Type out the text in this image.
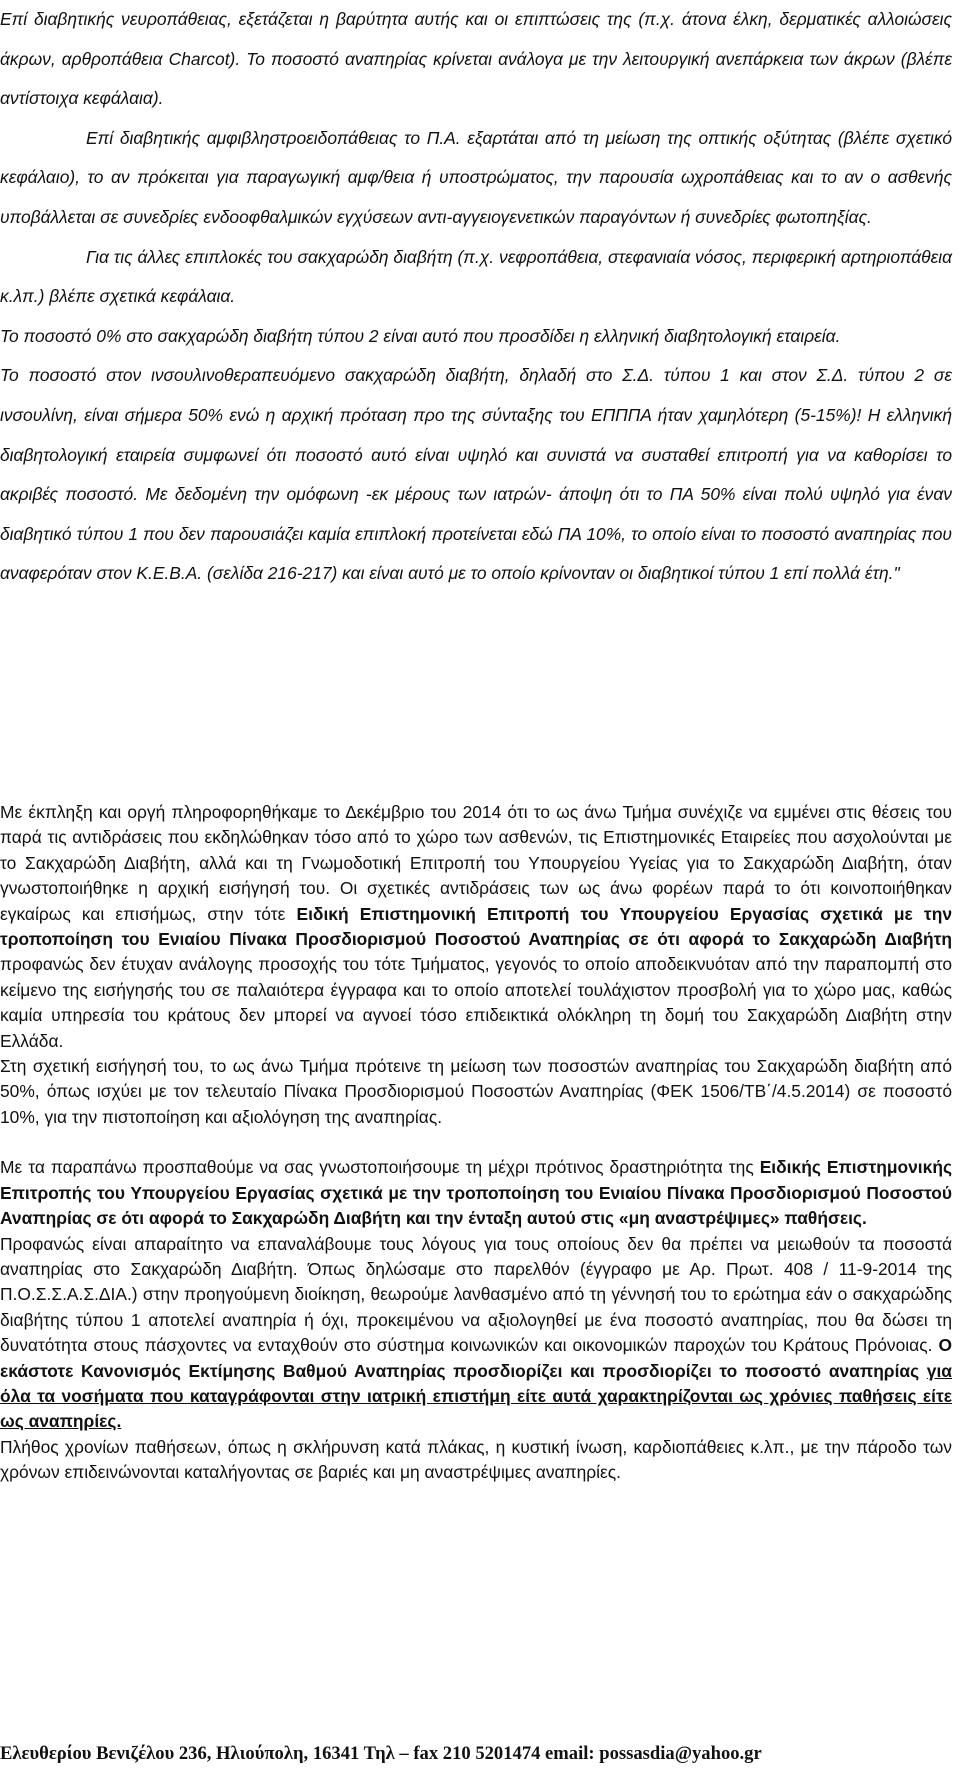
Επί διαβητικής νευροπάθειας, εξετάζεται η βαρύτητα αυτής και οι επιπτώσεις της (π.χ. άτονα έλκη, δερματικές αλλοιώσεις άκρων, αρθροπάθεια Charcot). Το ποσοστό αναπηρίας κρίνεται ανάλογα με την λειτουργική ανεπάρκεια των άκρων (βλέπε αντίστοιχα κεφάλαια).

Επί διαβητικής αμφιβληστροειδοπάθειας το Π.Α. εξαρτάται από τη μείωση της οπτικής οξύτητας (βλέπε σχετικό κεφάλαιο), το αν πρόκειται για παραγωγική αμφ/θεια ή υποστρώματος, την παρουσία ωχροπάθειας και το αν ο ασθενής υποβάλλεται σε συνεδρίες ενδοοφθαλμικών εγχύσεων αντι-αγγειογενετικών παραγόντων ή συνεδρίες φωτοπηξίας.

Για τις άλλες επιπλοκές του σακχαρώδη διαβήτη (π.χ. νεφροπάθεια, στεφανιαία νόσος, περιφερική αρτηριοπάθεια κ.λπ.) βλέπε σχετικά κεφάλαια.

Το ποσοστό 0% στο σακχαρώδη διαβήτη τύπου 2 είναι αυτό που προσδίδει η ελληνική διαβητολογική εταιρεία.

Το ποσοστό στον ινσουλινοθεραπευόμενο σακχαρώδη διαβήτη, δηλαδή στο Σ.Δ. τύπου 1 και στον Σ.Δ. τύπου 2 σε ινσουλίνη, είναι σήμερα 50% ενώ η αρχική πρόταση προ της σύνταξης του ΕΠΠΠΑ ήταν χαμηλότερη (5-15%)! Η ελληνική διαβητολογική εταιρεία συμφωνεί ότι ποσοστό αυτό είναι υψηλό και συνιστά να συσταθεί επιτροπή για να καθορίσει το ακριβές ποσοστό. Με δεδομένη την ομόφωνη -εκ μέρους των ιατρών- άποψη ότι το ΠΑ 50% είναι πολύ υψηλό για έναν διαβητικό τύπου 1 που δεν παρουσιάζει καμία επιπλοκή προτείνεται εδώ ΠΑ 10%, το οποίο είναι το ποσοστό αναπηρίας που αναφερόταν στον Κ.Ε.Β.Α. (σελίδα 216-217) και είναι αυτό με το οποίο κρίνονταν οι διαβητικοί τύπου 1 επί πολλά έτη."

Με έκπληξη και οργή πληροφορηθήκαμε το Δεκέμβριο του 2014 ότι το ως άνω Τμήμα συνέχιζε να εμμένει στις θέσεις του παρά τις αντιδράσεις που εκδηλώθηκαν τόσο από το χώρο των ασθενών, τις Επιστημονικές Εταιρείες που ασχολούνται με το Σακχαρώδη Διαβήτη, αλλά και τη Γνωμοδοτική Επιτροπή του Υπουργείου Υγείας για το Σακχαρώδη Διαβήτη, όταν γνωστοποιήθηκε η αρχική εισήγησή του. Οι σχετικές αντιδράσεις των ως άνω φορέων παρά το ότι κοινοποιήθηκαν εγκαίρως και επισήμως, στην τότε Ειδική Επιστημονική Επιτροπή του Υπουργείου Εργασίας σχετικά με την τροποποίηση του Ενιαίου Πίνακα Προσδιορισμού Ποσοστού Αναπηρίας σε ότι αφορά το Σακχαρώδη Διαβήτη προφανώς δεν έτυχαν ανάλογης προσοχής του τότε Τμήματος, γεγονός το οποίο αποδεικνυόταν από την παραπομπή στο κείμενο της εισήγησής του σε παλαιότερα έγγραφα και το οποίο αποτελεί τουλάχιστον προσβολή για το χώρο μας, καθώς καμία υπηρεσία του κράτους δεν μπορεί να αγνοεί τόσο επιδεικτικά ολόκληρη τη δομή του Σακχαρώδη Διαβήτη στην Ελλάδα.

Στη σχετική εισήγησή του, το ως άνω Τμήμα πρότεινε τη μείωση των ποσοστών αναπηρίας του Σακχαρώδη διαβήτη από 50%, όπως ισχύει με τον τελευταίο Πίνακα Προσδιορισμού Ποσοστών Αναπηρίας (ΦΕΚ 1506/ΤΒ΄/4.5.2014) σε ποσοστό 10%, για την πιστοποίηση και αξιολόγηση της αναπηρίας.

Με τα παραπάνω προσπαθούμε να σας γνωστοποιήσουμε τη μέχρι πρότινος δραστηριότητα της Ειδικής Επιστημονικής Επιτροπής του Υπουργείου Εργασίας σχετικά με την τροποποίηση του Ενιαίου Πίνακα Προσδιορισμού Ποσοστού Αναπηρίας σε ότι αφορά το Σακχαρώδη Διαβήτη και την ένταξη αυτού στις «μη αναστρέψιμες» παθήσεις.

Προφανώς είναι απαραίτητο να επαναλάβουμε τους λόγους για τους οποίους δεν θα πρέπει να μειωθούν τα ποσοστά αναπηρίας στο Σακχαρώδη Διαβήτη. Όπως δηλώσαμε στο παρελθόν (έγγραφο με Αρ. Πρωτ. 408 / 11-9-2014 της Π.Ο.Σ.Σ.Α.Σ.ΔΙΑ.) στην προηγούμενη διοίκηση, θεωρούμε λανθασμένο από τη γέννησή του το ερώτημα εάν ο σακχαρώδης διαβήτης τύπου 1 αποτελεί αναπηρία ή όχι, προκειμένου να αξιολογηθεί με ένα ποσοστό αναπηρίας, που θα δώσει τη δυνατότητα στους πάσχοντες να ενταχθούν στο σύστημα κοινωνικών και οικονομικών παροχών του Κράτους Πρόνοιας. Ο εκάστοτε Κανονισμός Εκτίμησης Βαθμού Αναπηρίας προσδιορίζει και προσδιορίζει το ποσοστό αναπηρίας για όλα τα νοσήματα που καταγράφονται στην ιατρική επιστήμη είτε αυτά χαρακτηρίζονται ως χρόνιες παθήσεις είτε ως αναπηρίες.

Πλήθος χρονίων παθήσεων, όπως η σκλήρυνση κατά πλάκας, η κυστική ίνωση, καρδιοπάθειες κ.λπ., με την πάροδο των χρόνων επιδεινώνονται καταλήγοντας σε βαριές και μη αναστρέψιμες αναπηρίες.

Ελευθερίου Βενιζέλου 236, Ηλιούπολη, 16341 Τηλ – fax 210 5201474 email: possasdia@yahoo.gr
